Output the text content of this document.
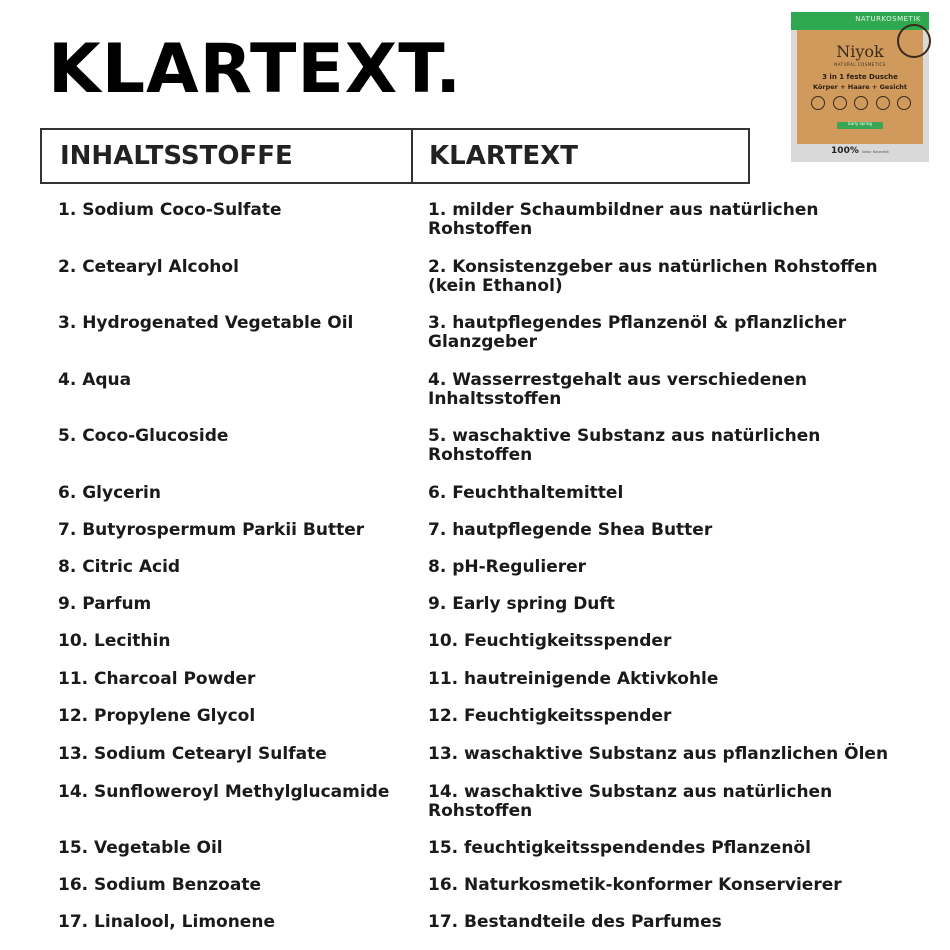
KLARTEXT.
NATURKOSMETIK
Niyok
NATURAL COSMETICS
3 in 1 feste Dusche
Körper + Haare + Gesicht
Early spring
100% Natur Kosmetik
INHALTSSTOFFE	KLARTEXT
1. Sodium Coco-Sulfate	1. milder Schaumbildner aus natürlichen Rohstoffen
2. Cetearyl Alcohol	2. Konsistenzgeber aus natürlichen Rohstoffen (kein Ethanol)
3. Hydrogenated Vegetable Oil	3. hautpflegendes Pflanzenöl & pflanzlicher Glanzgeber
4. Aqua	4. Wasserrestgehalt aus verschiedenen Inhaltsstoffen
5. Coco-Glucoside	5. waschaktive Substanz aus natürlichen Rohstoffen
6. Glycerin	6. Feuchthaltemittel
7. Butyrospermum Parkii Butter	7. hautpflegende Shea Butter
8. Citric Acid	8. pH-Regulierer
9. Parfum	9. Early spring Duft
10. Lecithin	10. Feuchtigkeitsspender
11. Charcoal Powder	11. hautreinigende Aktivkohle
12. Propylene Glycol	12. Feuchtigkeitsspender
13. Sodium Cetearyl Sulfate	13. waschaktive Substanz aus pflanzlichen Ölen
14. Sunfloweroyl Methylglucamide	14. waschaktive Substanz aus natürlichen Rohstoffen
15. Vegetable Oil	15. feuchtigkeitsspendendes Pflanzenöl
16. Sodium Benzoate	16. Naturkosmetik-konformer Konservierer
17. Linalool, Limonene	17. Bestandteile des Parfumes
